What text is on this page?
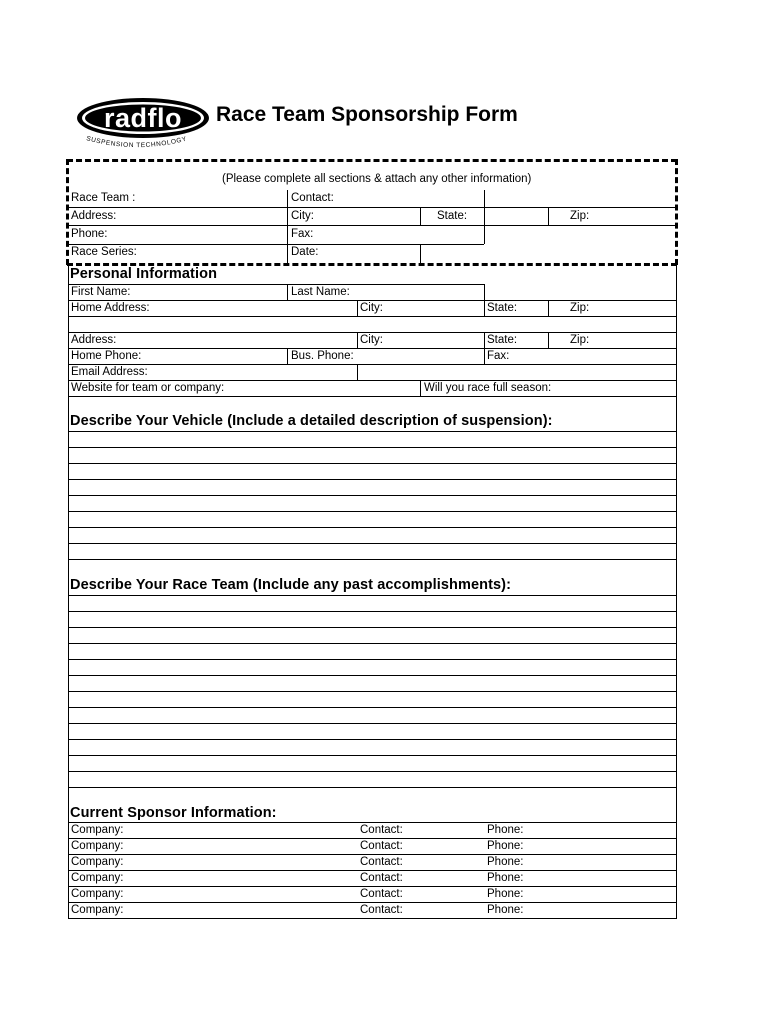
radflo
SUSPENSION TECHNOLOGY
Race Team Sponsorship Form
(Please complete all sections & attach any other information)
Race Team :	Contact:
Address:	City:	State:	Zip:
Phone:	Fax:
Race Series:	Date:
Personal Information
First Name:	Last Name:
Home Address:	City:	State:	Zip:
Address:	City:	State:	Zip:
Home Phone:	Bus. Phone:	Fax:
Email Address:
Website for team or company:	Will you race full season:
Describe Your Vehicle (Include a detailed description of suspension):
Describe Your Race Team (Include any past accomplishments):
Current Sponsor Information:
Company:	Contact:	Phone:
Company:	Contact:	Phone:
Company:	Contact:	Phone:
Company:	Contact:	Phone:
Company:	Contact:	Phone:
Company:	Contact:	Phone:
